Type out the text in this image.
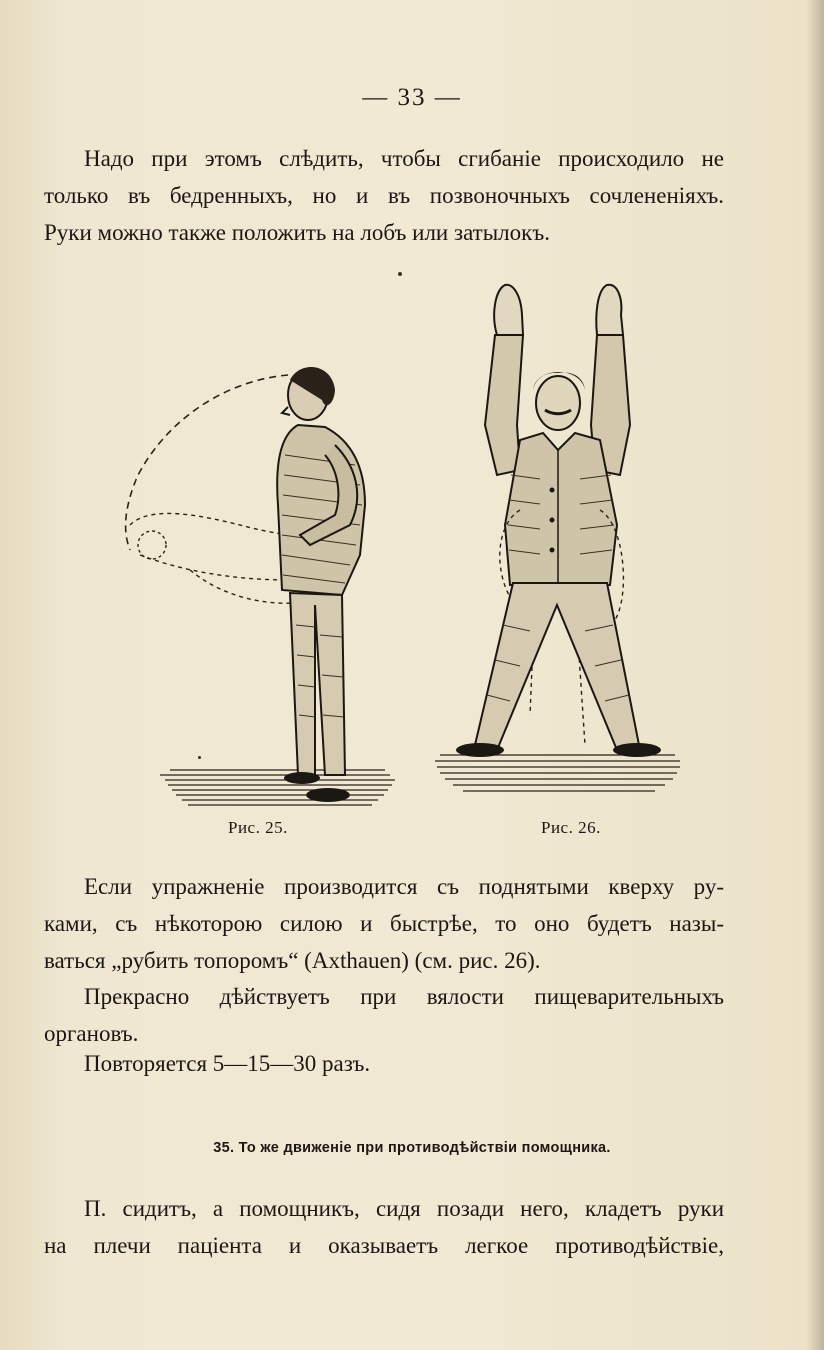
— 33 —
Надо при этомъ слѣдить, чтобы сгибаніе происходило не
только въ бедренныхъ, но и въ позвоночныхъ сочлененіяхъ.
Руки можно также положить на лобъ или затылокъ.
Рис. 25.	Рис. 26.
Если упражненіе производится съ поднятыми кверху ру-
ками, съ нѣкоторою силою и быстрѣе, то оно будетъ назы-
ваться „рубить топоромъ“ (Axthauen) (см. рис. 26).
Прекрасно дѣйствуетъ при вялости пищеварительныхъ
органовъ.
Повторяется 5—15—30 разъ.
35. То же движеніе при противодѣйствіи помощника.
П. сидитъ, а помощникъ, сидя позади него, кладетъ руки
на плечи пацiента и оказываетъ легкое противодѣйствіе,
